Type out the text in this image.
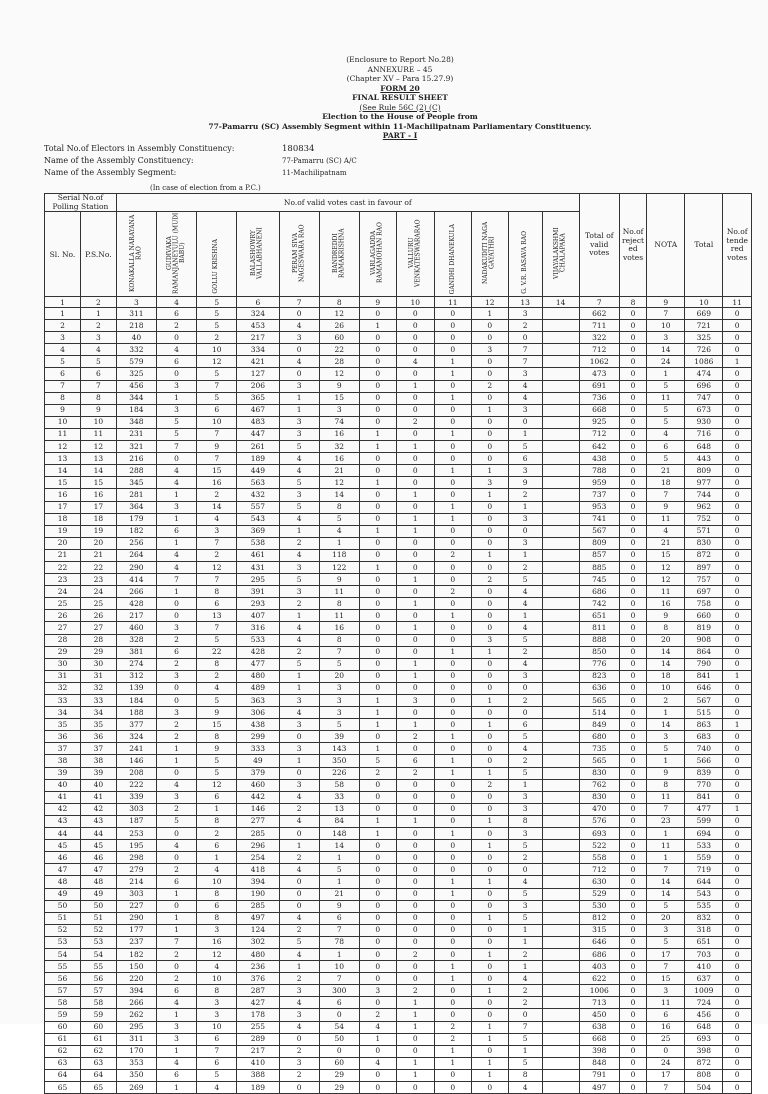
(Enclosure to Report No.28)
ANNEXURE – 45
(Chapter XV – Para 15.27.9)
FORM 20
FINAL RESULT SHEET
(See Rule 56C (2) (C)
Election to the House of People from
77-Pamarru (SC) Assembly Segment within 11-Machilipatnam Parliamentary Constituency.
PART - I
Total No.of Electors in Assembly Constituency:	180834
Name of the Assembly Constituency:	77-Pamarru (SC) A/C
Name of the Assembly Segment:	11-Machilipatnam
(In case of election from a P.C.)
Serial No.of Polling Station		No.of valid votes cast in favour of												Total of valid votes	No.of reject ed votes	NOTA	Total	No.of tende red votes
Sl. No.	P.S.No.	KONAKALLA NARAYANA RAO	GUDIVAKA RAMANJANEYULU (MUDI BABU)	GOLLU KRISHNA	BALASHOWRY VALLABHANENI	PERAM SIVA NAGESWARA RAO	BANDREDDI RAMAKRISHNA	VARLAGADDA RAMAMOHAN RAO	VALLURU VENKATESWARARAO	GANDHI DHANEKULA	NADAKUDITI NAGA GAYATHRI	G. V.R. BASAVA RAO	VIJAYALAKSHMI CHALAPAKA					
1	2	3	4	5	6	7	8	9	10	11	12	13	14	7	8	9	10	11
1	1	311	6	5	324	0	12	0	0	0	1	3		662	0	7	669	0
2	2	218	2	5	453	4	26	1	0	0	0	2		711	0	10	721	0
3	3	40	0	2	217	3	60	0	0	0	0	0		322	0	3	325	0
4	4	332	4	10	334	0	22	0	0	0	3	7		712	0	14	726	0
5	5	579	6	12	421	4	28	0	4	1	0	7		1062	0	24	1086	1
6	6	325	0	5	127	0	12	0	0	1	0	3		473	0	1	474	0
7	7	456	3	7	206	3	9	0	1	0	2	4		691	0	5	696	0
8	8	344	1	5	365	1	15	0	0	1	0	4		736	0	11	747	0
9	9	184	3	6	467	1	3	0	0	0	1	3		668	0	5	673	0
10	10	348	5	10	483	3	74	0	2	0	0	0		925	0	5	930	0
11	11	231	5	7	447	3	16	1	0	1	0	1		712	0	4	716	0
12	12	321	7	9	261	5	32	1	1	0	0	5		642	0	6	648	0
13	13	216	0	7	189	4	16	0	0	0	0	6		438	0	5	443	0
14	14	288	4	15	449	4	21	0	0	1	1	3		788	0	21	809	0
15	15	345	4	16	563	5	12	1	0	0	3	9		959	0	18	977	0
16	16	281	1	2	432	3	14	0	1	0	1	2		737	0	7	744	0
17	17	364	3	14	557	5	8	0	0	1	0	1		953	0	9	962	0
18	18	179	1	4	543	4	5	0	1	1	0	3		741	0	11	752	0
19	19	182	6	3	369	1	4	1	1	0	0	0		567	0	4	571	0
20	20	256	1	7	538	2	1	0	0	0	0	3		809	0	21	830	0
21	21	264	4	2	461	4	118	0	0	2	1	1		857	0	15	872	0
22	22	290	4	12	431	3	122	1	0	0	0	2		885	0	12	897	0
23	23	414	7	7	295	5	9	0	1	0	2	5		745	0	12	757	0
24	24	266	1	8	391	3	11	0	0	2	0	4		686	0	11	697	0
25	25	428	0	6	293	2	8	0	1	0	0	4		742	0	16	758	0
26	26	217	0	13	407	1	11	0	0	1	0	1		651	0	9	660	0
27	27	460	3	7	316	4	16	0	1	0	0	4		811	0	8	819	0
28	28	328	2	5	533	4	8	0	0	0	3	5		888	0	20	908	0
29	29	381	6	22	428	2	7	0	0	1	1	2		850	0	14	864	0
30	30	274	2	8	477	5	5	0	1	0	0	4		776	0	14	790	0
31	31	312	3	2	480	1	20	0	1	0	0	3		823	0	18	841	1
32	32	139	0	4	489	1	3	0	0	0	0	0		636	0	10	646	0
33	33	184	0	5	363	3	3	1	3	0	1	2		565	0	2	567	0
34	34	188	3	9	306	4	3	1	0	0	0	0		514	0	1	515	0
35	35	377	2	15	438	3	5	1	1	0	1	6		849	0	14	863	1
36	36	324	2	8	299	0	39	0	2	1	0	5		680	0	3	683	0
37	37	241	1	9	333	3	143	1	0	0	0	4		735	0	5	740	0
38	38	146	1	5	49	1	350	5	6	1	0	2		565	0	1	566	0
39	39	208	0	5	379	0	226	2	2	1	1	5		830	0	9	839	0
40	40	222	4	12	460	3	58	0	0	0	2	1		762	0	8	770	0
41	41	339	3	6	442	4	33	0	0	0	0	3		830	0	11	841	0
42	42	303	2	1	146	2	13	0	0	0	0	3		470	0	7	477	1
43	43	187	5	8	277	4	84	1	1	0	1	8		576	0	23	599	0
44	44	253	0	2	285	0	148	1	0	1	0	3		693	0	1	694	0
45	45	195	4	6	296	1	14	0	0	0	1	5		522	0	11	533	0
46	46	298	0	1	254	2	1	0	0	0	0	2		558	0	1	559	0
47	47	279	2	4	418	4	5	0	0	0	0	0		712	0	7	719	0
48	48	214	6	10	394	0	1	0	0	1	1	4		630	0	14	644	0
49	49	303	1	8	190	0	21	0	0	1	0	5		529	0	14	543	0
50	50	227	0	6	285	0	9	0	0	0	0	3		530	0	5	535	0
51	51	290	1	8	497	4	6	0	0	0	1	5		812	0	20	832	0
52	52	177	1	3	124	2	7	0	0	0	0	1		315	0	3	318	0
53	53	237	7	16	302	5	78	0	0	0	0	1		646	0	5	651	0
54	54	182	2	12	480	4	1	0	2	0	1	2		686	0	17	703	0
55	55	150	0	4	236	1	10	0	0	1	0	1		403	0	7	410	0
56	56	220	2	10	376	2	7	0	0	1	0	4		622	0	15	637	0
57	57	394	6	8	287	3	300	3	2	0	1	2		1006	0	3	1009	0
58	58	266	4	3	427	4	6	0	1	0	0	2		713	0	11	724	0
59	59	262	1	3	178	3	0	2	1	0	0	0		450	0	6	456	0
60	60	295	3	10	255	4	54	4	1	2	1	7		638	0	16	648	0
61	61	311	3	6	289	0	50	1	0	2	1	5		668	0	25	693	0
62	62	170	1	7	217	2	0	0	0	1	0	1		398	0	0	398	0
63	63	353	4	6	410	3	60	4	1	1	1	5		848	0	24	872	0
64	64	350	6	5	388	2	29	0	1	0	1	8		791	0	17	808	0
65	65	269	1	4	189	0	29	0	0	0	0	4		497	0	7	504	0
